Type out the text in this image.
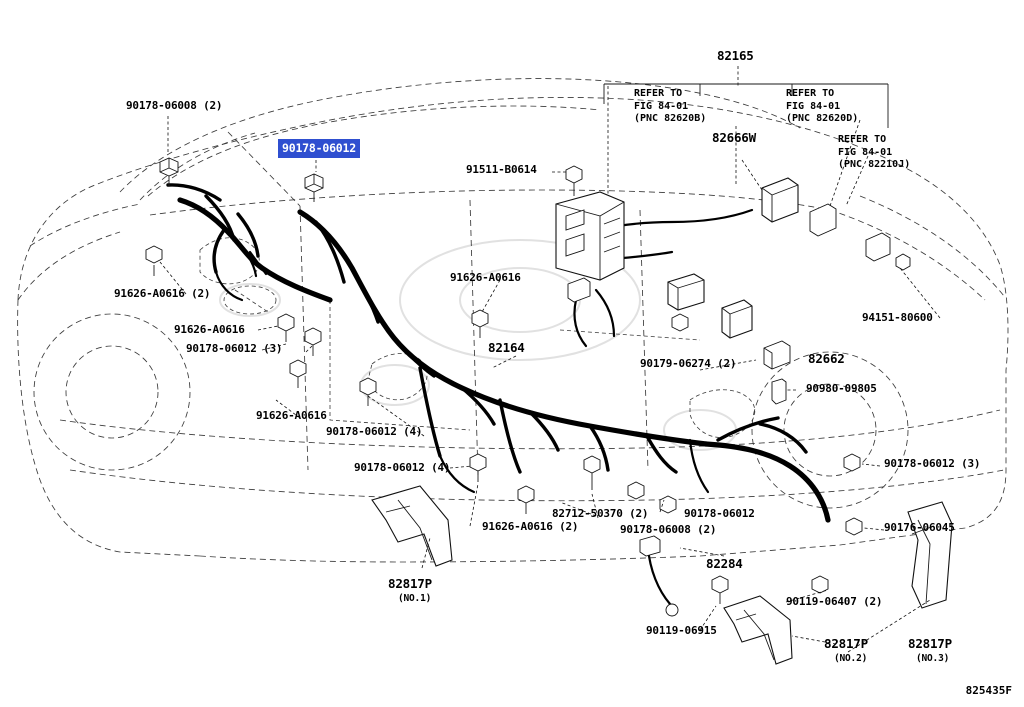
90178-06008 (2)
90178-06012
91511-B0614
82165
82666W
REFER TO
FIG 84-01
(PNC 82620B)
REFER TO
FIG 84-01
(PNC 82620D)
REFER TO
FIG 84-01
(PNC 82210J)
91626-A0616 (2)
91626-A0616
90178-06012 (3)
91626-A0616
91626-A0616
82164
90179-06274 (2)	82662
90980-09805
94151-80600
90178-06012 (4)
90178-06012 (4)
91626-A0616 (2)
82712-50370 (2)
90178-06008 (2)
90178-06012
82284
90119-06915
90119-06407 (2)
90178-06012 (3)
90176-06045
82817P
(NO.1)
82817P
(NO.2)
82817P
(NO.3)
825435F
